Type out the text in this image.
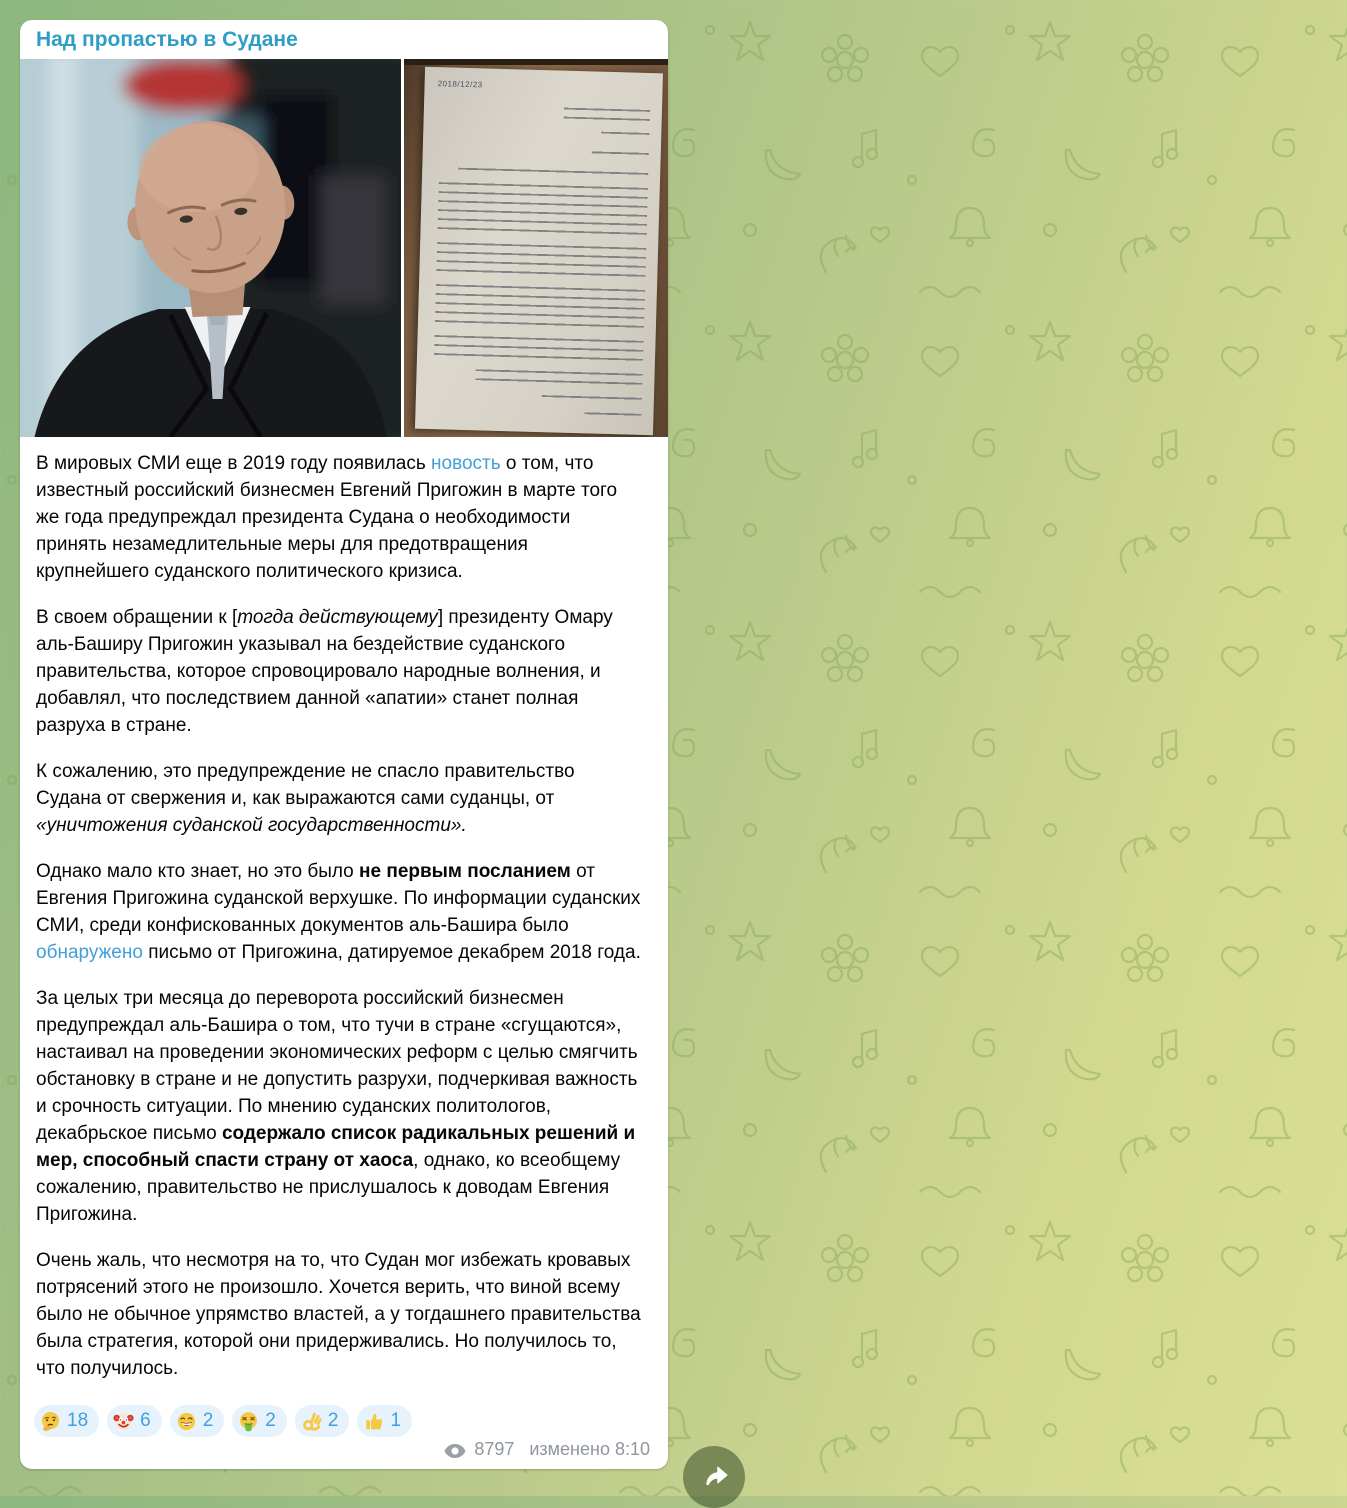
Над пропастью в Судане
2018/12/23
В мировых СМИ еще в 2019 году появилась новость о том, что известный российский бизнесмен Евгений Пригожин в марте того же года предупреждал президента Судана о необходимости принять незамедлительные меры для предотвращения крупнейшего суданского политического кризиса.
В своем обращении к [тогда действующему] президенту Омару аль-Баширу Пригожин указывал на бездействие суданского правительства, которое спровоцировало народные волнения, и добавлял, что последствием данной «апатии» станет полная разруха в стране.
К сожалению, это предупреждение не спасло правительство Судана от свержения и, как выражаются сами суданцы, от «уничтожения суданской государственности».
Однако мало кто знает, но это было не первым посланием от Евгения Пригожина суданской верхушке. По информации суданских СМИ, среди конфискованных документов аль-Башира было обнаружено письмо от Пригожина, датируемое декабрем 2018 года.
За целых три месяца до переворота российский бизнесмен предупреждал аль-Башира о том, что тучи в стране «сгущаются», настаивал на проведении экономических реформ с целью смягчить обстановку в стране и не допустить разрухи, подчеркивая важность и срочность ситуации. По мнению суданских политологов, декабрьское письмо содержало список радикальных решений и мер, способный спасти страну от хаоса, однако, ко всеобщему сожалению, правительство не прислушалось к доводам Евгения Пригожина.
Очень жаль, что несмотря на то, что Судан мог избежать кровавых потрясений этого не произошло. Хочется верить, что виной всему было не обычное упрямство властей, а у тогдашнего правительства была стратегия, которой они придерживались. Но получилось то, что получилось.
18	6	2	2	2	1
8797 изменено 8:10
